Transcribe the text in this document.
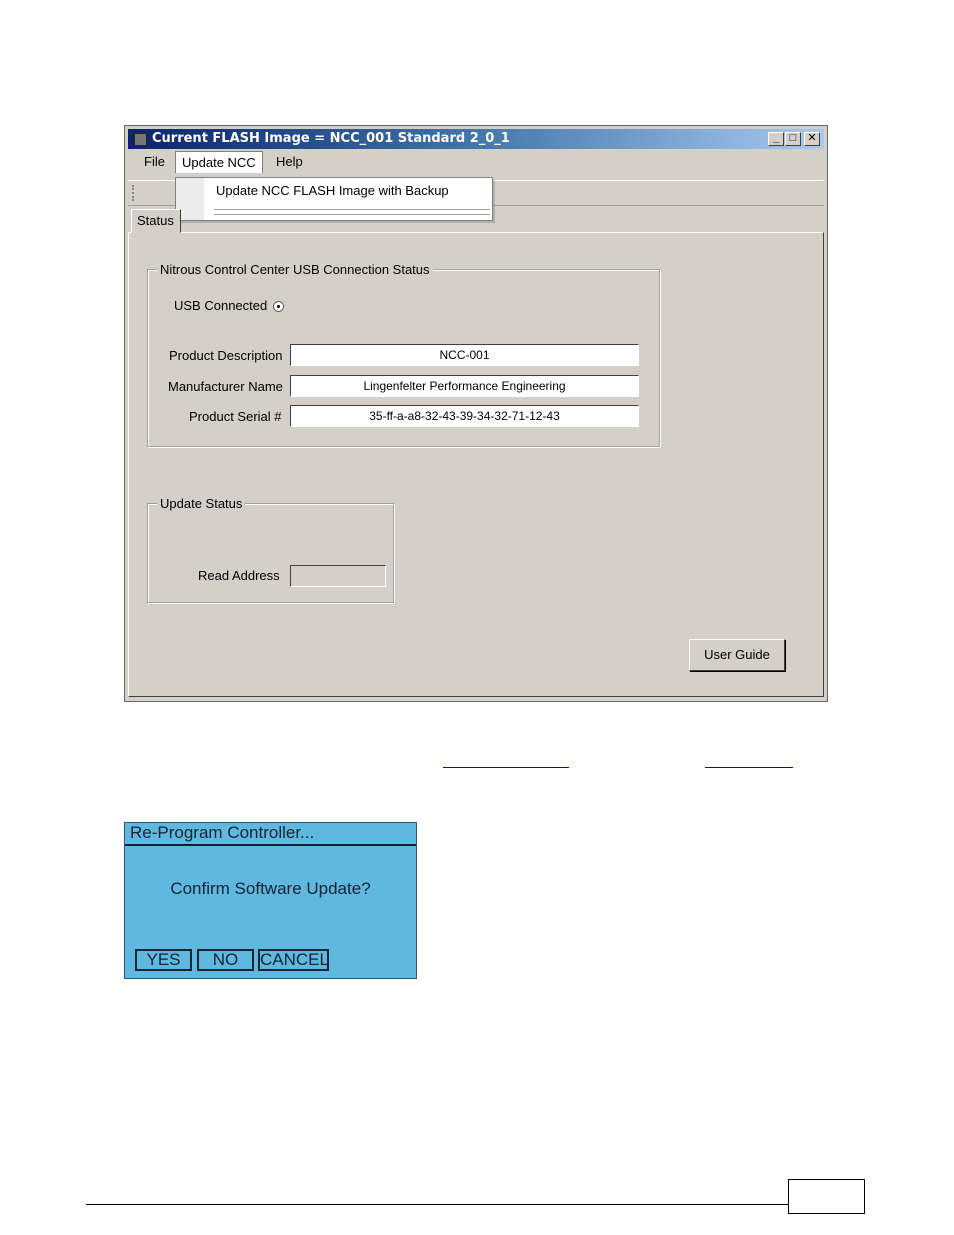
Current FLASH Image = NCC_001 Standard 2_0_1	_ □	✕
File	Update NCC	Help
Status
Nitrous Control Center USB Connection Status
USB Connected
Product Description	NCC-001
Manufacturer Name	Lingenfelter Performance Engineering
Product Serial #	35-ff-a-a8-32-43-39-34-32-71-12-43
Update Status
Read Address
User Guide
Update NCC FLASH Image with Backup
Re-Program Controller...
Confirm Software Update?
YES	NO	CANCEL
